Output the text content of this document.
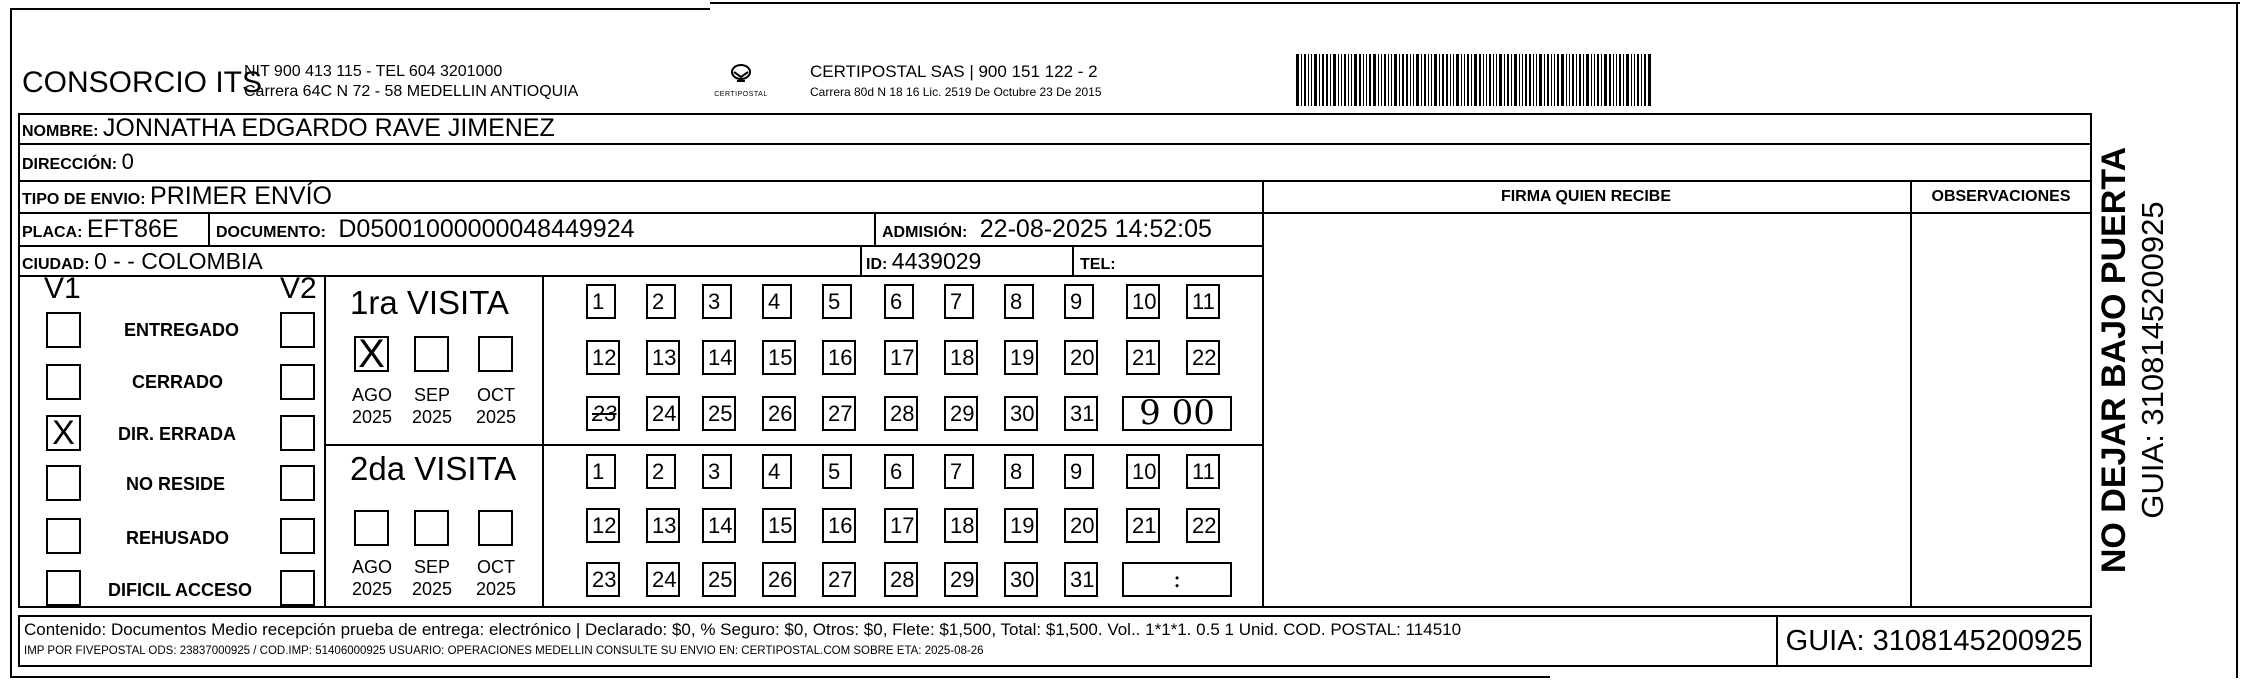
CONSORCIO ITS
NIT 900 413 115 - TEL 604 3201000
Carrera 64C N 72 - 58 MEDELLIN ANTIOQUIA	CERTIPOSTAL
CERTIPOSTAL SAS | 900 151 122 - 2
Carrera 80d N 18 16 Lic. 2519 De Octubre 23 De 2015
NOMBRE: JONNATHA EDGARDO RAVE JIMENEZ
DIRECCIÓN: 0
TIPO DE ENVIO: PRIMER ENVÍO	FIRMA QUIEN RECIBE	OBSERVACIONES
PLACA: EFT86E DOCUMENTO: D05001000000048449924	ADMISIÓN: 22-08-2025 14:52:05
CIUDAD: 0 - - COLOMBIA	ID: 4439029	TEL:
V1	V2
ENTREGADO
CERRADO
X	DIR. ERRADA
NO RESIDE
REHUSADO
DIFICIL ACCESO
1ra VISITA
X
AGO
2025
SEP
2025
OCT
2025
1	2	3	4	5	6	7	8	9	10 11
12 13 14 15 16 17 18 19 20 21 22
23 24 25 26 27 28 29 30 31	9 00
2da VISITA
AGO
2025
SEP
2025
OCT
2025
1	2	3	4	5	6	7	8	9	10 11
12 13 14 15 16 17 18 19 20 21 22
23 24 25 26 27 28 29 30 31	:
NO DEJAR BAJO PUERTA GUIA: 3108145200925
Contenido: Documentos Medio recepción prueba de entrega: electrónico | Declarado: $0, % Seguro: $0, Otros: $0, Flete: $1,500, Total: $1,500. Vol.. 1*1*1. 0.5 1 Unid. COD. POSTAL: 114510
IMP POR FIVEPOSTAL ODS: 23837000925 / COD.IMP: 51406000925 USUARIO: OPERACIONES MEDELLIN CONSULTE SU ENVIO EN: CERTIPOSTAL.COM SOBRE ETA: 2025-08-26	GUIA: 3108145200925
